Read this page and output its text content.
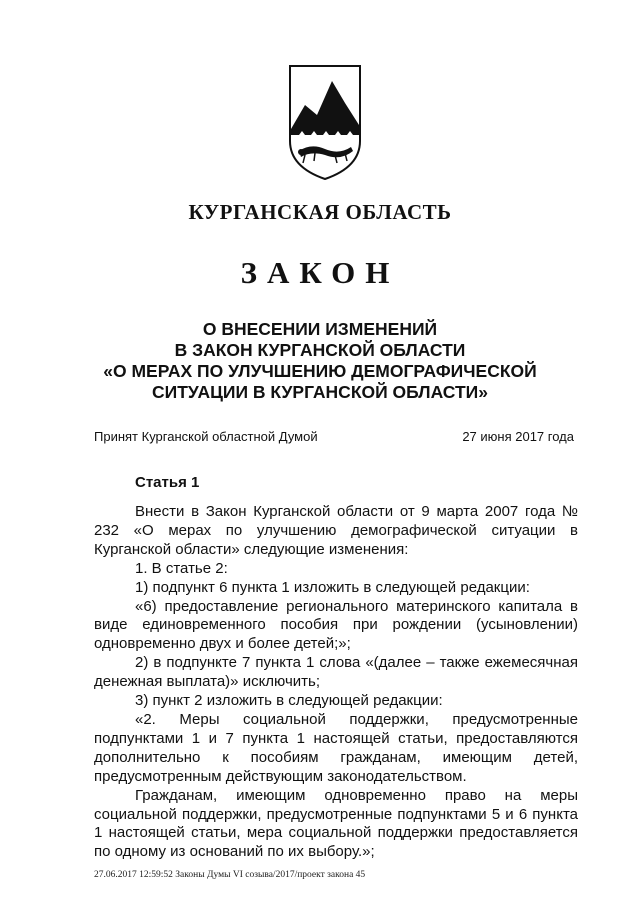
КУРГАНСКАЯ ОБЛАСТЬ
ЗАКОН
О ВНЕСЕНИИ ИЗМЕНЕНИЙ
В ЗАКОН КУРГАНСКОЙ ОБЛАСТИ
«О МЕРАХ ПО УЛУЧШЕНИЮ ДЕМОГРАФИЧЕСКОЙ
СИТУАЦИИ В КУРГАНСКОЙ ОБЛАСТИ»
Принят Курганской областной Думой	27 июня 2017 года
Статья 1

Внести в Закон Курганской области от 9 марта 2007 года № 232 «О мерах по улучшению демографической ситуации в Курганской области» следующие изменения:

1. В статье 2:

1) подпункт 6 пункта 1 изложить в следующей редакции:

«6) предоставление регионального материнского капитала в виде единовременного пособия при рождении (усыновлении) одновременно двух и более детей;»;

2) в подпункте 7 пункта 1 слова «(далее – также ежемесячная денежная выплата)» исключить;

3) пункт 2 изложить в следующей редакции:

«2. Меры социальной поддержки, предусмотренные подпунктами 1 и 7 пункта 1 настоящей статьи, предоставляются дополнительно к пособиям гражданам, имеющим детей, предусмотренным действующим законодательством.

Гражданам, имеющим одновременно право на меры социальной поддержки, предусмотренные подпунктами 5 и 6 пункта 1 настоящей статьи, мера социальной поддержки предоставляется по одному из оснований по их выбору.»;

27.06.2017 12:59:52 Законы Думы VI созыва/2017/проект закона 45
